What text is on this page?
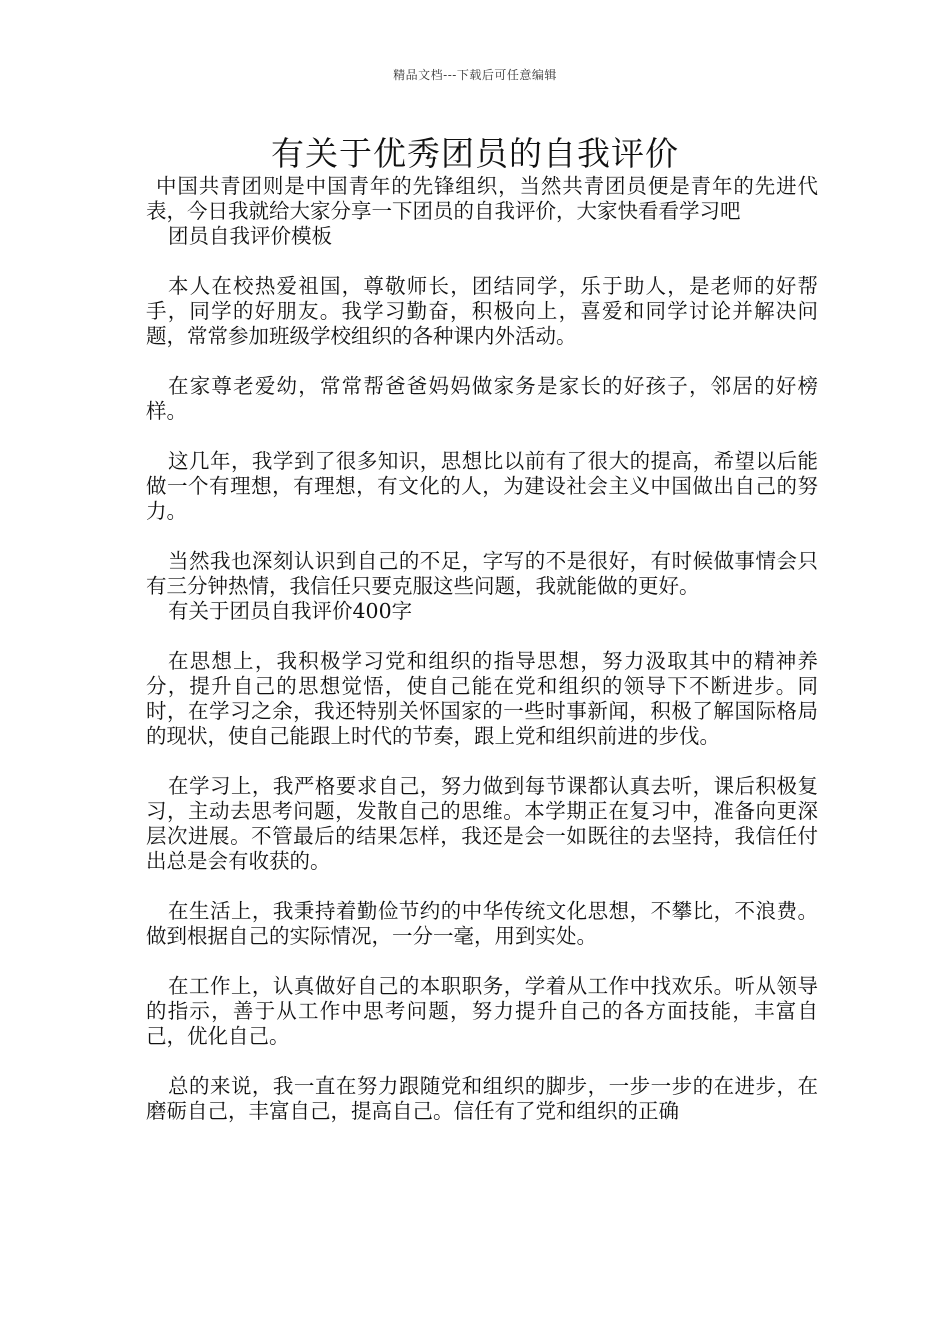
精品文档---下载后可任意编辑
有关于优秀团员的自我评价

中国共青团则是中国青年的先锋组织，当然共青团员便是青年的先进代表，今日我就给大家分享一下团员的自我评价，大家快看看学习吧

团员自我评价模板

本人在校热爱祖国，尊敬师长，团结同学，乐于助人，是老师的好帮手，同学的好朋友。我学习勤奋，积极向上，喜爱和同学讨论并解决问题，常常参加班级学校组织的各种课内外活动。

在家尊老爱幼，常常帮爸爸妈妈做家务是家长的好孩子，邻居的好榜样。

这几年，我学到了很多知识，思想比以前有了很大的提高，希望以后能做一个有理想，有理想，有文化的人，为建设社会主义中国做出自己的努力。

当然我也深刻认识到自己的不足，字写的不是很好，有时候做事情会只有三分钟热情，我信任只要克服这些问题，我就能做的更好。

有关于团员自我评价400字

在思想上，我积极学习党和组织的指导思想，努力汲取其中的精神养分，提升自己的思想觉悟，使自己能在党和组织的领导下不断进步。同时，在学习之余，我还特别关怀国家的一些时事新闻，积极了解国际格局的现状，使自己能跟上时代的节奏，跟上党和组织前进的步伐。

在学习上，我严格要求自己，努力做到每节课都认真去听，课后积极复习，主动去思考问题，发散自己的思维。本学期正在复习中，准备向更深层次进展。不管最后的结果怎样，我还是会一如既往的去坚持，我信任付出总是会有收获的。

在生活上，我秉持着勤俭节约的中华传统文化思想，不攀比，不浪费。做到根据自己的实际情况，一分一毫，用到实处。

在工作上，认真做好自己的本职职务，学着从工作中找欢乐。听从领导的指示，善于从工作中思考问题，努力提升自己的各方面技能，丰富自己，优化自己。

总的来说，我一直在努力跟随党和组织的脚步，一步一步的在进步，在磨砺自己，丰富自己，提高自己。信任有了党和组织的正确
